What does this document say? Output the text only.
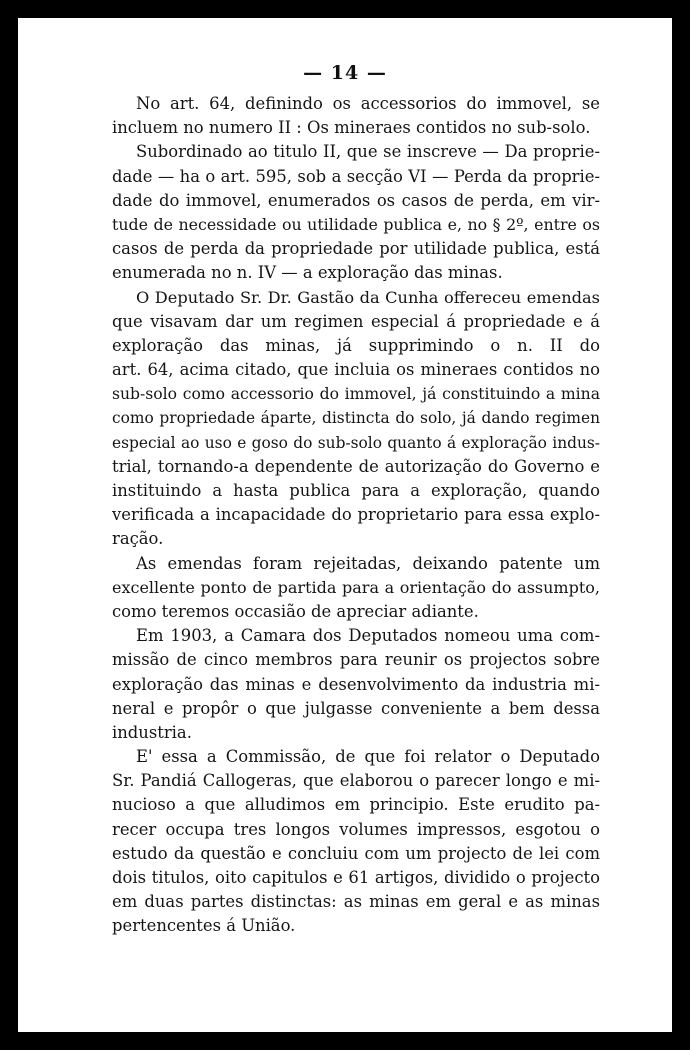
— 14 —
No art. 64, definindo os accessorios do immovel, se
incluem no numero II : Os mineraes contidos no sub-solo.
Subordinado ao titulo II, que se inscreve — Da proprie-
dade — ha o art. 595, sob a secção VI — Perda da proprie-
dade do immovel, enumerados os casos de perda, em vir-
tude de necessidade ou utilidade publica e, no § 2º, entre os
casos de perda da propriedade por utilidade publica, está
enumerada no n. IV — a exploração das minas.
O Deputado Sr. Dr. Gastão da Cunha offereceu emendas
que visavam dar um regimen especial á propriedade e á
exploração das minas, já supprimindo o n. II do
art. 64, acima citado, que incluia os mineraes contidos no
sub-solo como accessorio do immovel, já constituindo a mina
como propriedade áparte, distincta do solo, já dando regimen
especial ao uso e goso do sub-solo quanto á exploração indus-
trial, tornando-a dependente de autorização do Governo e
instituindo a hasta publica para a exploração, quando
verificada a incapacidade do proprietario para essa explo-
ração.
As emendas foram rejeitadas, deixando patente um
excellente ponto de partida para a orientação do assumpto,
como teremos occasião de apreciar adiante.
Em 1903, a Camara dos Deputados nomeou uma com-
missão de cinco membros para reunir os projectos sobre
exploração das minas e desenvolvimento da industria mi-
neral e propôr o que julgasse conveniente a bem dessa
industria.
E' essa a Commissão, de que foi relator o Deputado
Sr. Pandiá Callogeras, que elaborou o parecer longo e mi-
nucioso a que alludimos em principio. Este erudito pa-
recer occupa tres longos volumes impressos, esgotou o
estudo da questão e concluiu com um projecto de lei com
dois titulos, oito capitulos e 61 artigos, dividido o projecto
em duas partes distinctas: as minas em geral e as minas
pertencentes á União.
